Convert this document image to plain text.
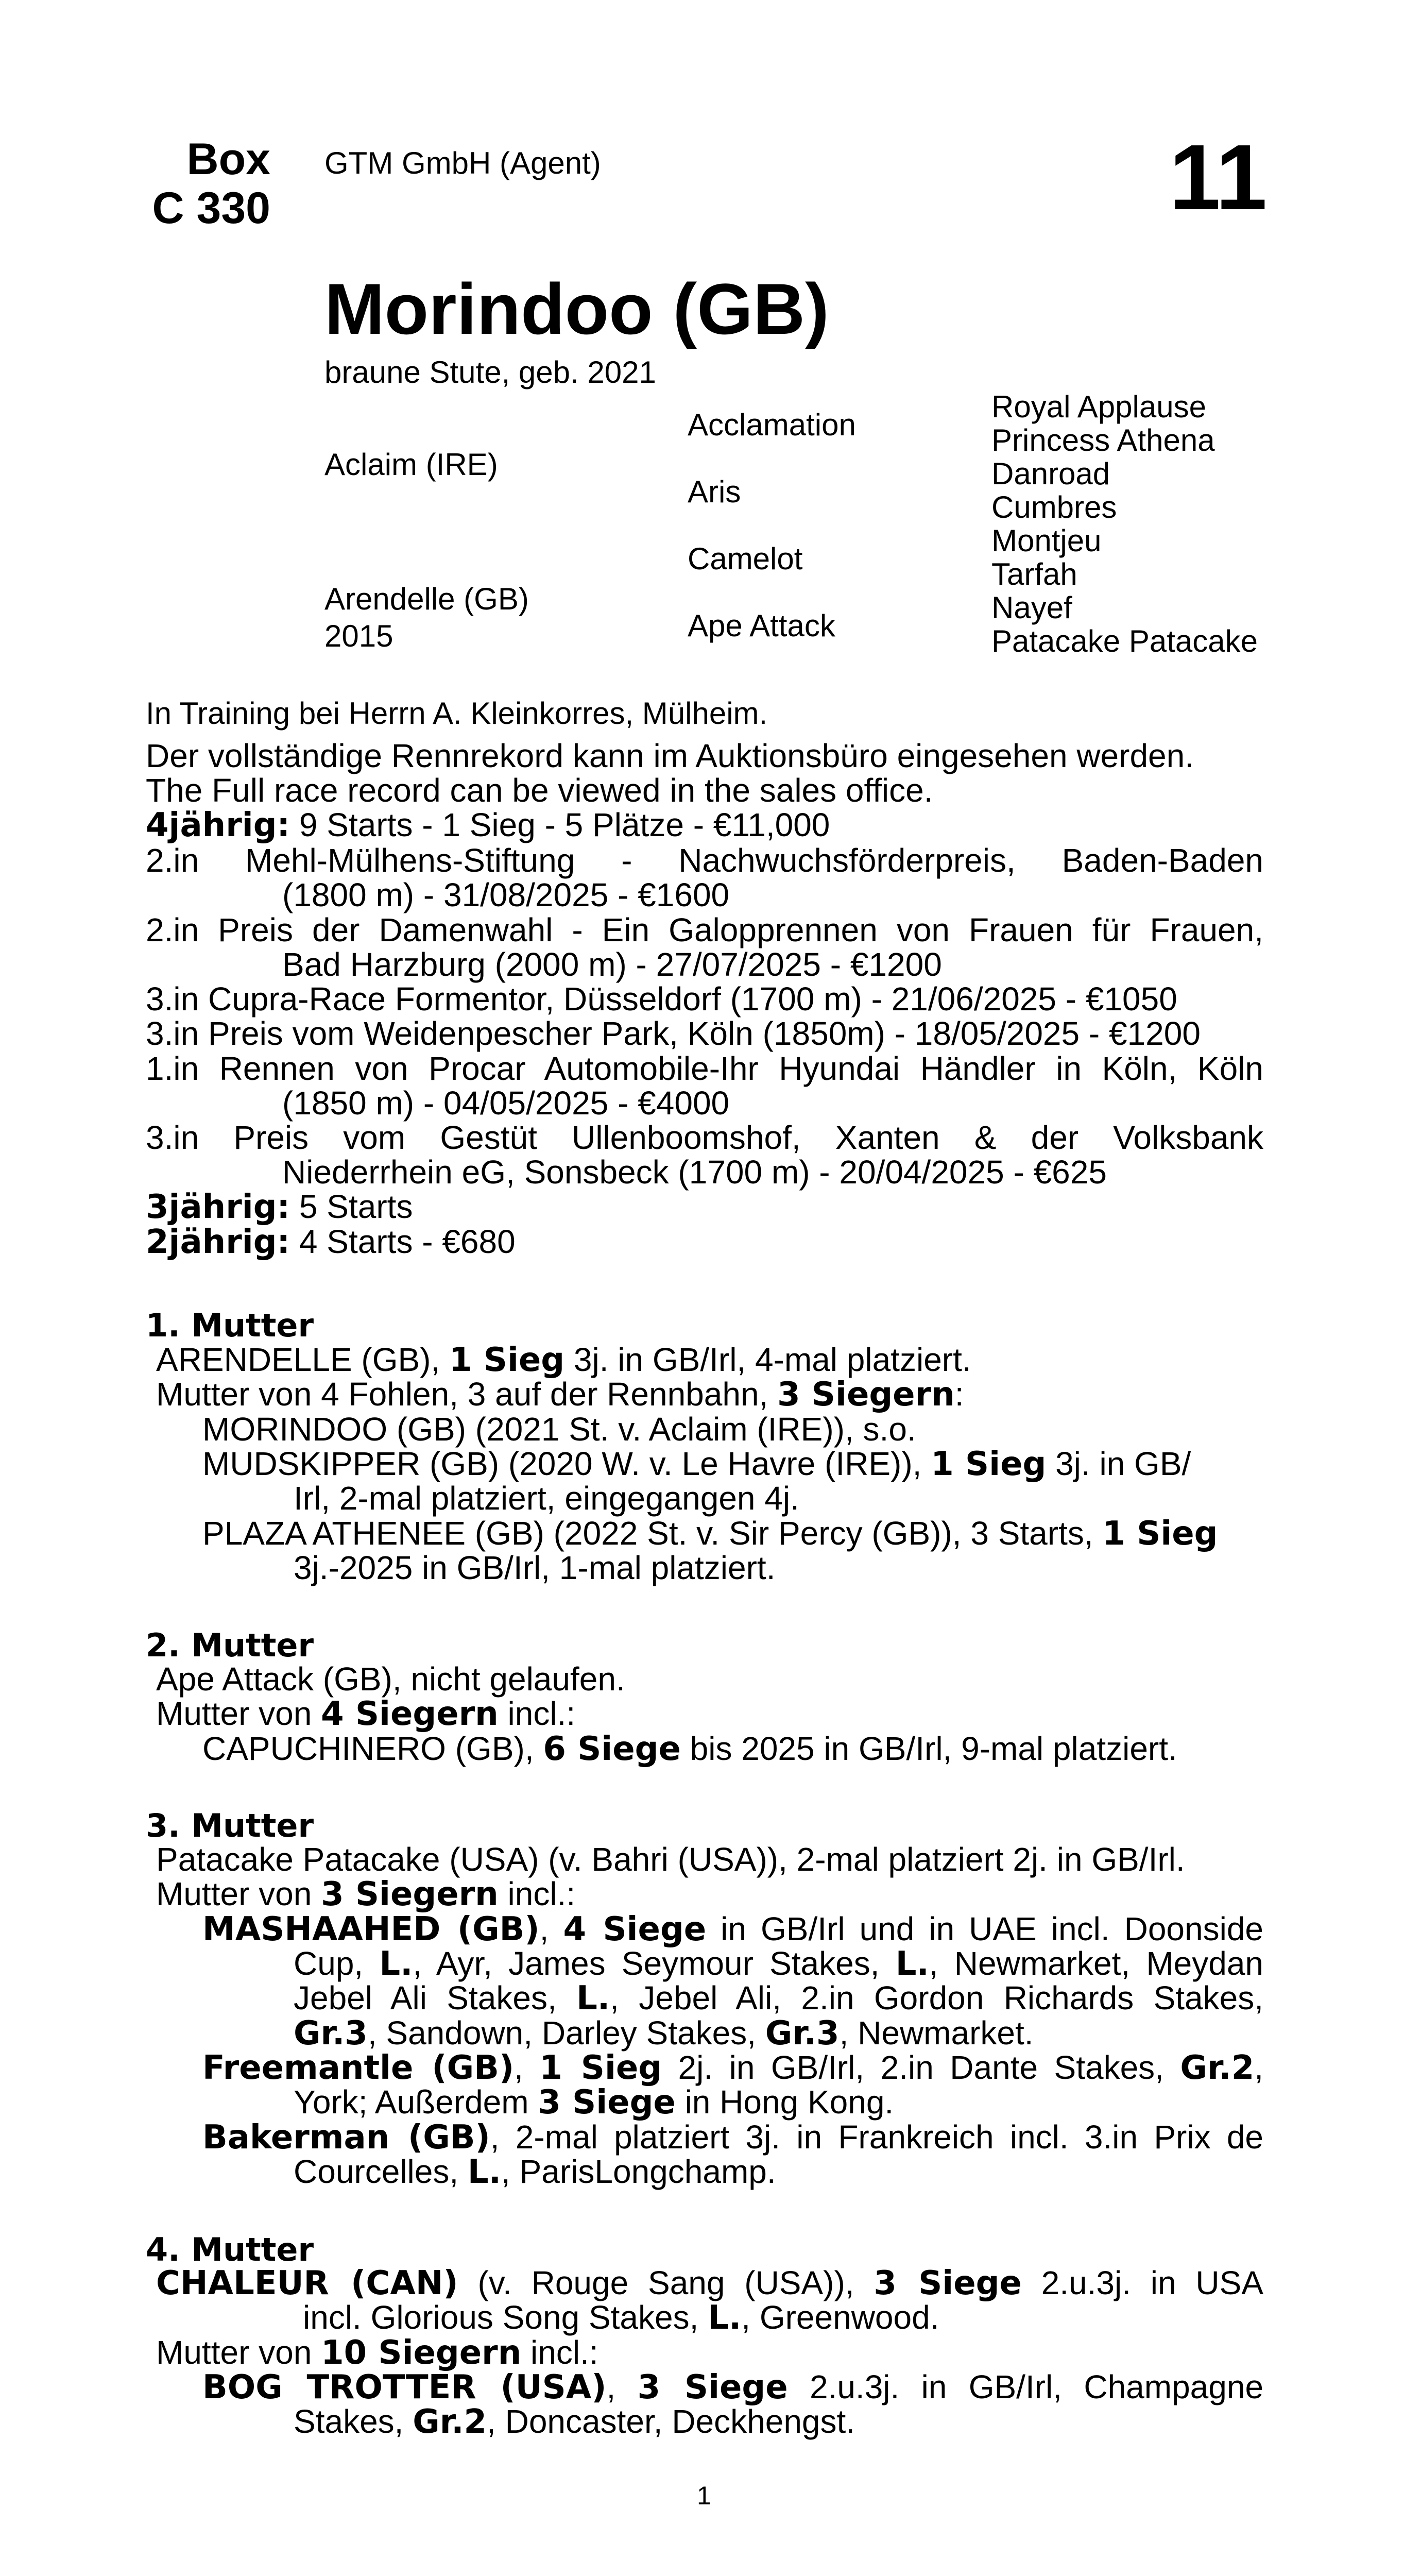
Box
C 330
GTM GmbH (Agent)	11
Morindoo (GB)
braune Stute, geb. 2021
Aclaim (IRE)
Arendelle (GB)
2015
Acclamation
Aris
Camelot
Ape Attack
Royal Applause
Princess Athena
Danroad
Cumbres
Montjeu
Tarfah
Nayef
Patacake Patacake
In Training bei Herrn A. Kleinkorres, Mülheim.
Der vollständige Rennrekord kann im Auktionsbüro eingesehen werden.
The Full race record can be viewed in the sales office.
4jährig: 9 Starts - 1 Sieg - 5 Plätze - €11,000
2.in Mehl-Mülhens-Stiftung - Nachwuchsförderpreis, Baden-Baden
(1800 m) - 31/08/2025 - €1600
2.in Preis der Damenwahl - Ein Galopprennen von Frauen für Frauen,
Bad Harzburg (2000 m) - 27/07/2025 - €1200
3.in Cupra-Race Formentor, Düsseldorf (1700 m) - 21/06/2025 - €1050
3.in Preis vom Weidenpescher Park, Köln (1850m) - 18/05/2025 - €1200
1.in Rennen von Procar Automobile-Ihr Hyundai Händler in Köln, Köln
(1850 m) - 04/05/2025 - €4000
3.in Preis vom Gestüt Ullenboomshof, Xanten & der Volksbank
Niederrhein eG, Sonsbeck (1700 m) - 20/04/2025 - €625
3jährig: 5 Starts
2jährig: 4 Starts - €680
1. Mutter
ARENDELLE (GB), 1 Sieg 3j. in GB/Irl, 4-mal platziert.
Mutter von 4 Fohlen, 3 auf der Rennbahn, 3 Siegern:
MORINDOO (GB) (2021 St. v. Aclaim (IRE)), s.o.
MUDSKIPPER (GB) (2020 W. v. Le Havre (IRE)), 1 Sieg 3j. in GB/
Irl, 2-mal platziert, eingegangen 4j.
PLAZA ATHENEE (GB) (2022 St. v. Sir Percy (GB)), 3 Starts, 1 Sieg
3j.-2025 in GB/Irl, 1-mal platziert.
2. Mutter
Ape Attack (GB), nicht gelaufen.
Mutter von 4 Siegern incl.:
CAPUCHINERO (GB), 6 Siege bis 2025 in GB/Irl, 9-mal platziert.
3. Mutter
Patacake Patacake (USA) (v. Bahri (USA)), 2-mal platziert 2j. in GB/Irl.
Mutter von 3 Siegern incl.:
MASHAAHED (GB), 4 Siege in GB/Irl und in UAE incl. Doonside
Cup, L., Ayr, James Seymour Stakes, L., Newmarket, Meydan
Jebel Ali Stakes, L., Jebel Ali, 2.in Gordon Richards Stakes,
Gr.3, Sandown, Darley Stakes, Gr.3, Newmarket.
Freemantle (GB), 1 Sieg 2j. in GB/Irl, 2.in Dante Stakes, Gr.2,
York; Außerdem 3 Siege in Hong Kong.
Bakerman (GB), 2-mal platziert 3j. in Frankreich incl. 3.in Prix de
Courcelles, L., ParisLongchamp.
4. Mutter
CHALEUR (CAN) (v. Rouge Sang (USA)), 3 Siege 2.u.3j. in USA
incl. Glorious Song Stakes, L., Greenwood.
Mutter von 10 Siegern incl.:
BOG TROTTER (USA), 3 Siege 2.u.3j. in GB/Irl, Champagne
Stakes, Gr.2, Doncaster, Deckhengst.
1
